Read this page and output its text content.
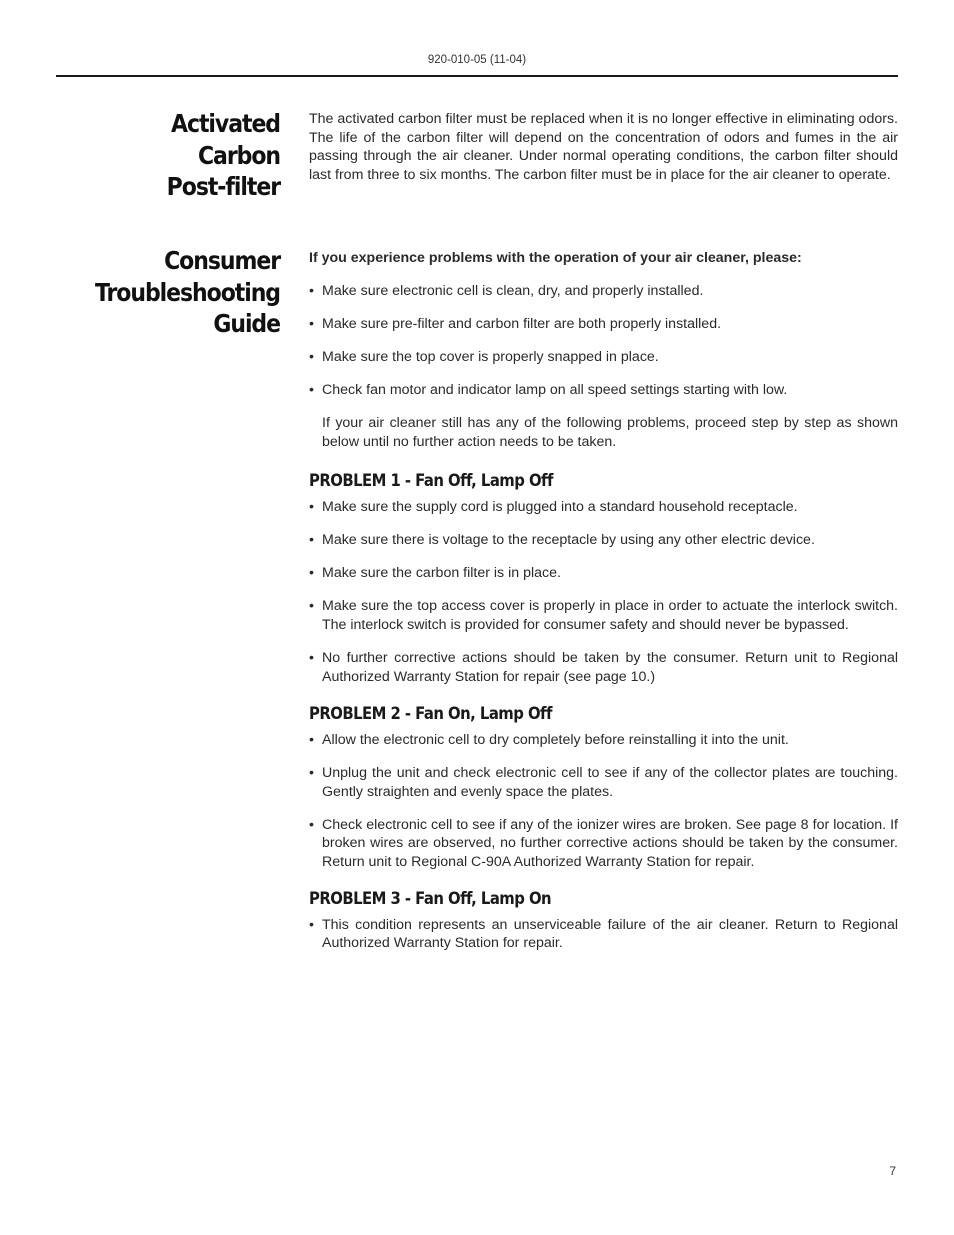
920-010-05 (11-04)
Activated
Carbon
Post-filter
The activated carbon filter must be replaced when it is no longer effective in eliminating odors. The life of the carbon filter will depend on the concentration of odors and fumes in the air passing through the air cleaner. Under normal operating conditions, the carbon filter should last from three to six months. The carbon filter must be in place for the air cleaner to operate.
Consumer
Troubleshooting
Guide

If you experience problems with the operation of your air cleaner, please:

• Make sure electronic cell is clean, dry, and properly installed.
• Make sure pre-filter and carbon filter are both properly installed.
• Make sure the top cover is properly snapped in place.
• Check fan motor and indicator lamp on all speed settings starting with low.

If your air cleaner still has any of the following problems, proceed step by step as shown below until no further action needs to be taken.

PROBLEM 1 - Fan Off, Lamp Off
• Make sure the supply cord is plugged into a standard household receptacle.
• Make sure there is voltage to the receptacle by using any other electric device.
• Make sure the carbon filter is in place.
• Make sure the top access cover is properly in place in order to actuate the interlock switch. The interlock switch is provided for consumer safety and should never be bypassed.
• No further corrective actions should be taken by the consumer. Return unit to Regional Authorized Warranty Station for repair (see page 10.)
PROBLEM 2 - Fan On, Lamp Off
• Allow the electronic cell to dry completely before reinstalling it into the unit.
• Unplug the unit and check electronic cell to see if any of the collector plates are touching. Gently straighten and evenly space the plates.
• Check electronic cell to see if any of the ionizer wires are broken. See page 8 for location. If broken wires are observed, no further corrective actions should be taken by the consumer. Return unit to Regional C-90A Authorized Warranty Station for repair.
PROBLEM 3 - Fan Off, Lamp On
• This condition represents an unserviceable failure of the air cleaner. Return to Regional Authorized Warranty Station for repair.
7
